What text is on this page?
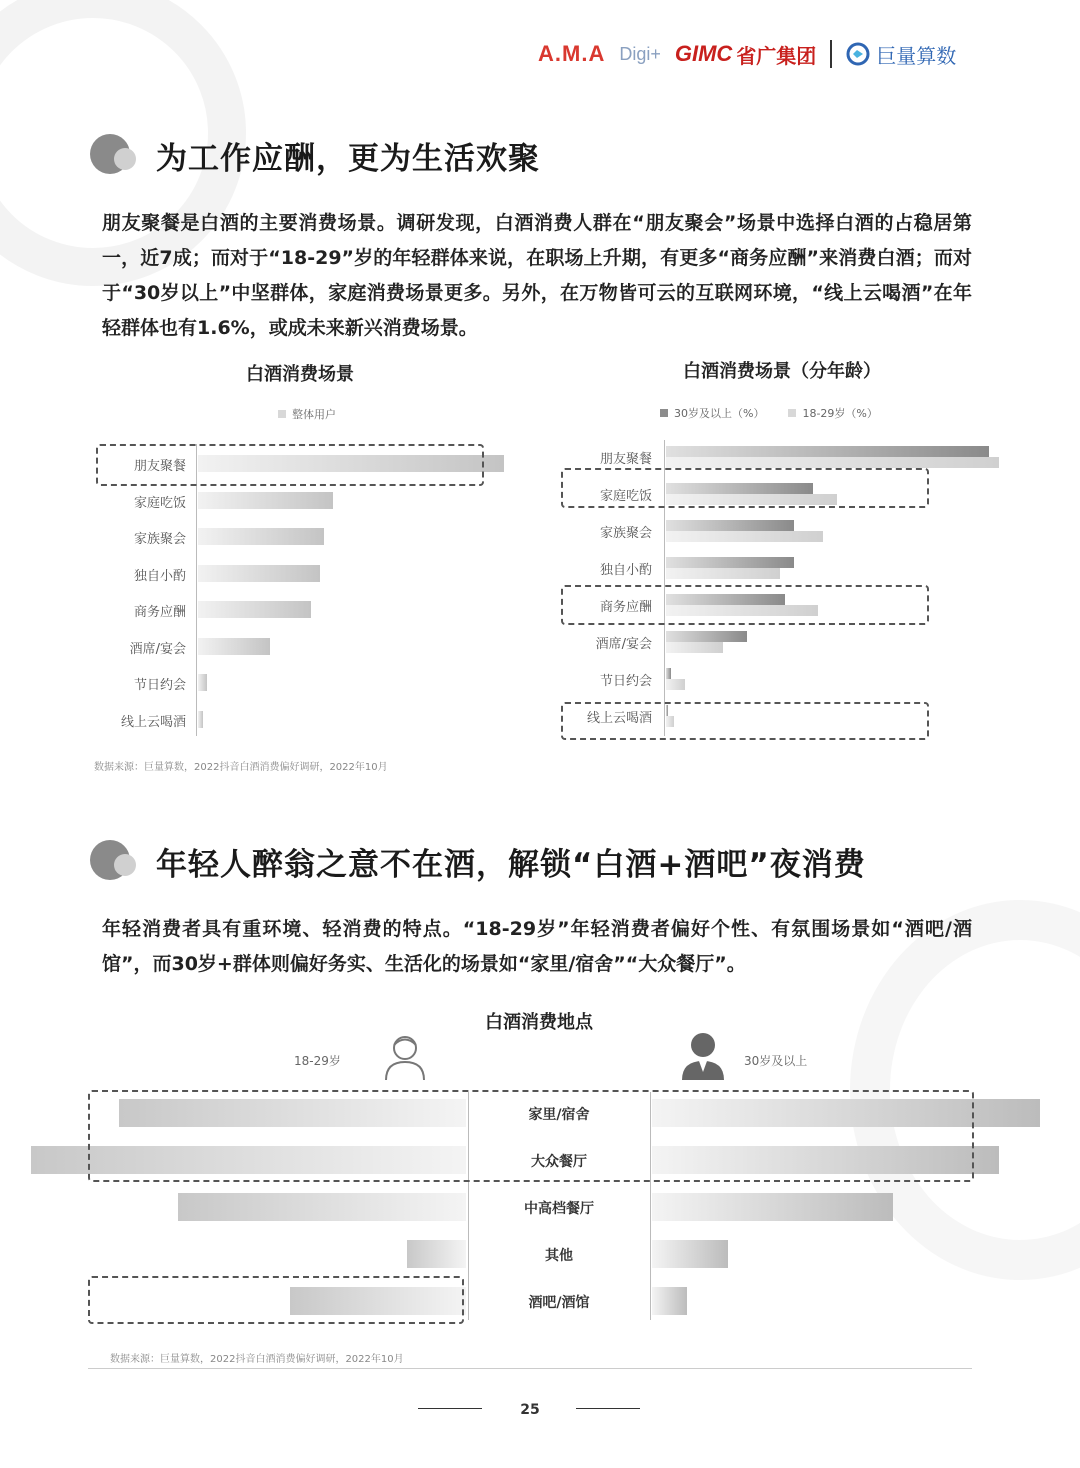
A.M.A Digi+ GIMC 省广集团	巨量算数
为工作应酬，更为生活欢聚
朋友聚餐是白酒的主要消费场景。调研发现，白酒消费人群在“朋友聚会”场景中选择白酒的占稳居第一，近7成；而对于“18-29”岁的年轻群体来说，在职场上升期，有更多“商务应酬”来消费白酒；而对于“30岁以上”中坚群体，家庭消费场景更多。另外，在万物皆可云的互联网环境，“线上云喝酒”在年轻群体也有1.6%，或成未来新兴消费场景。
白酒消费场景
整体用户
朋友聚餐
家庭吃饭
家族聚会
独自小酌
商务应酬
酒席/宴会
节日约会
线上云喝酒
数据来源：巨量算数，2022抖音白酒消费偏好调研，2022年10月
白酒消费场景（分年龄）
30岁及以上（%）	18-29岁（%）
朋友聚餐
家庭吃饭
家族聚会
独自小酌
商务应酬
酒席/宴会
节日约会
线上云喝酒
年轻人醉翁之意不在酒，解锁“白酒+酒吧”夜消费
年轻消费者具有重环境、轻消费的特点。“18-29岁”年轻消费者偏好个性、有氛围场景如“酒吧/酒馆”，而30岁+群体则偏好务实、生活化的场景如“家里/宿舍”“大众餐厅”。
白酒消费地点
18-29岁	30岁及以上
家里/宿舍
大众餐厅
中高档餐厅
其他
酒吧/酒馆
数据来源：巨量算数，2022抖音白酒消费偏好调研，2022年10月
25
